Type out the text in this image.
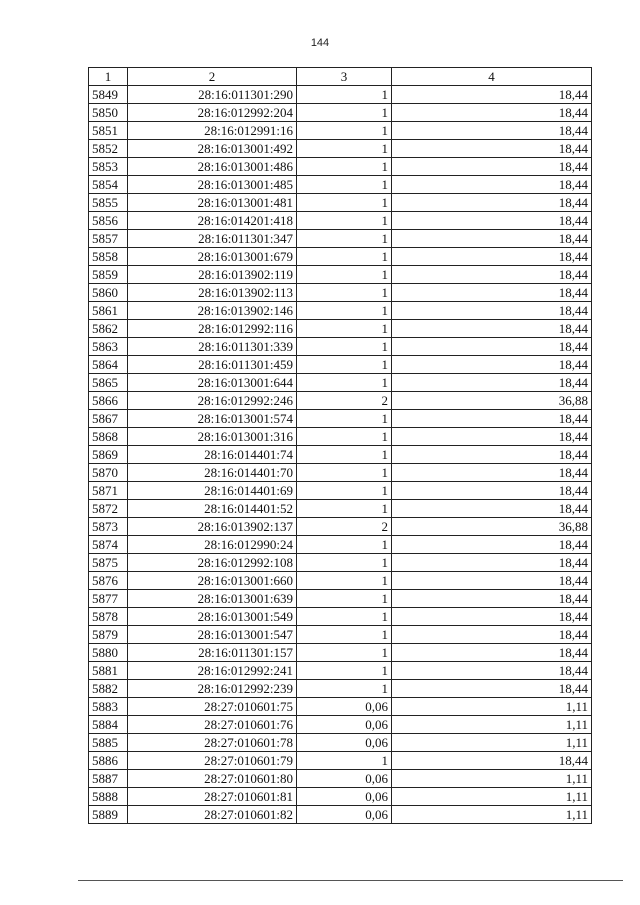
144
1	2	3	4
5849	28:16:011301:290	1	18,44
5850	28:16:012992:204	1	18,44
5851	28:16:012991:16	1	18,44
5852	28:16:013001:492	1	18,44
5853	28:16:013001:486	1	18,44
5854	28:16:013001:485	1	18,44
5855	28:16:013001:481	1	18,44
5856	28:16:014201:418	1	18,44
5857	28:16:011301:347	1	18,44
5858	28:16:013001:679	1	18,44
5859	28:16:013902:119	1	18,44
5860	28:16:013902:113	1	18,44
5861	28:16:013902:146	1	18,44
5862	28:16:012992:116	1	18,44
5863	28:16:011301:339	1	18,44
5864	28:16:011301:459	1	18,44
5865	28:16:013001:644	1	18,44
5866	28:16:012992:246	2	36,88
5867	28:16:013001:574	1	18,44
5868	28:16:013001:316	1	18,44
5869	28:16:014401:74	1	18,44
5870	28:16:014401:70	1	18,44
5871	28:16:014401:69	1	18,44
5872	28:16:014401:52	1	18,44
5873	28:16:013902:137	2	36,88
5874	28:16:012990:24	1	18,44
5875	28:16:012992:108	1	18,44
5876	28:16:013001:660	1	18,44
5877	28:16:013001:639	1	18,44
5878	28:16:013001:549	1	18,44
5879	28:16:013001:547	1	18,44
5880	28:16:011301:157	1	18,44
5881	28:16:012992:241	1	18,44
5882	28:16:012992:239	1	18,44
5883	28:27:010601:75	0,06	1,11
5884	28:27:010601:76	0,06	1,11
5885	28:27:010601:78	0,06	1,11
5886	28:27:010601:79	1	18,44
5887	28:27:010601:80	0,06	1,11
5888	28:27:010601:81	0,06	1,11
5889	28:27:010601:82	0,06	1,11
